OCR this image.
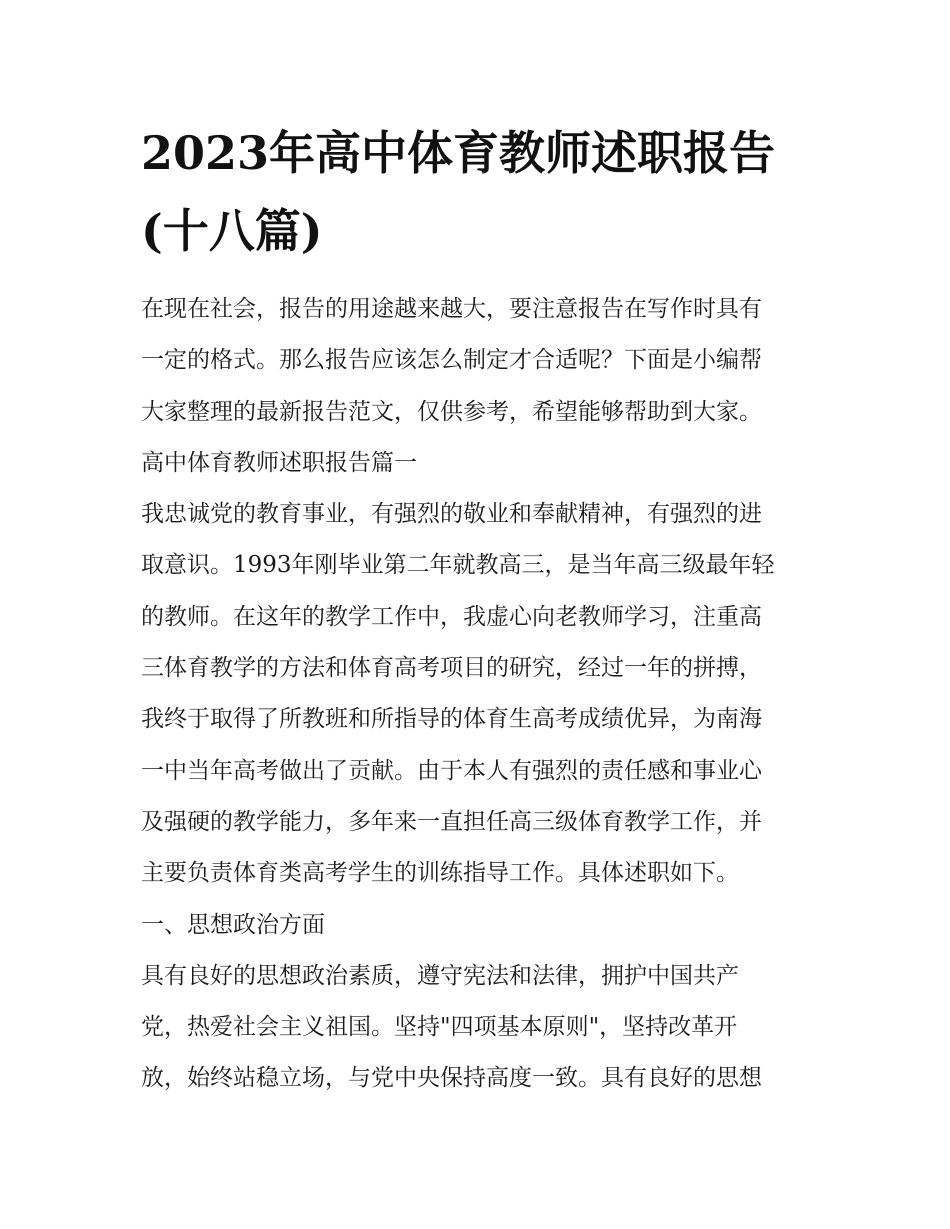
2023年高中体育教师述职报告
(十八篇)
在现在社会，报告的用途越来越大，要注意报告在写作时具有
一定的格式。那么报告应该怎么制定才合适呢？下面是小编帮
大家整理的最新报告范文，仅供参考，希望能够帮助到大家。
高中体育教师述职报告篇一
我忠诚党的教育事业，有强烈的敬业和奉献精神，有强烈的进
取意识。1993年刚毕业第二年就教高三，是当年高三级最年轻
的教师。在这年的教学工作中，我虚心向老教师学习，注重高
三体育教学的方法和体育高考项目的研究，经过一年的拼搏，
我终于取得了所教班和所指导的体育生高考成绩优异，为南海
一中当年高考做出了贡献。由于本人有强烈的责任感和事业心
及强硬的教学能力，多年来一直担任高三级体育教学工作，并
主要负责体育类高考学生的训练指导工作。具体述职如下。
一、思想政治方面
具有良好的思想政治素质，遵守宪法和法律，拥护中国共产
党，热爱社会主义祖国。坚持"四项基本原则"，坚持改革开
放，始终站稳立场，与党中央保持高度一致。具有良好的思想
